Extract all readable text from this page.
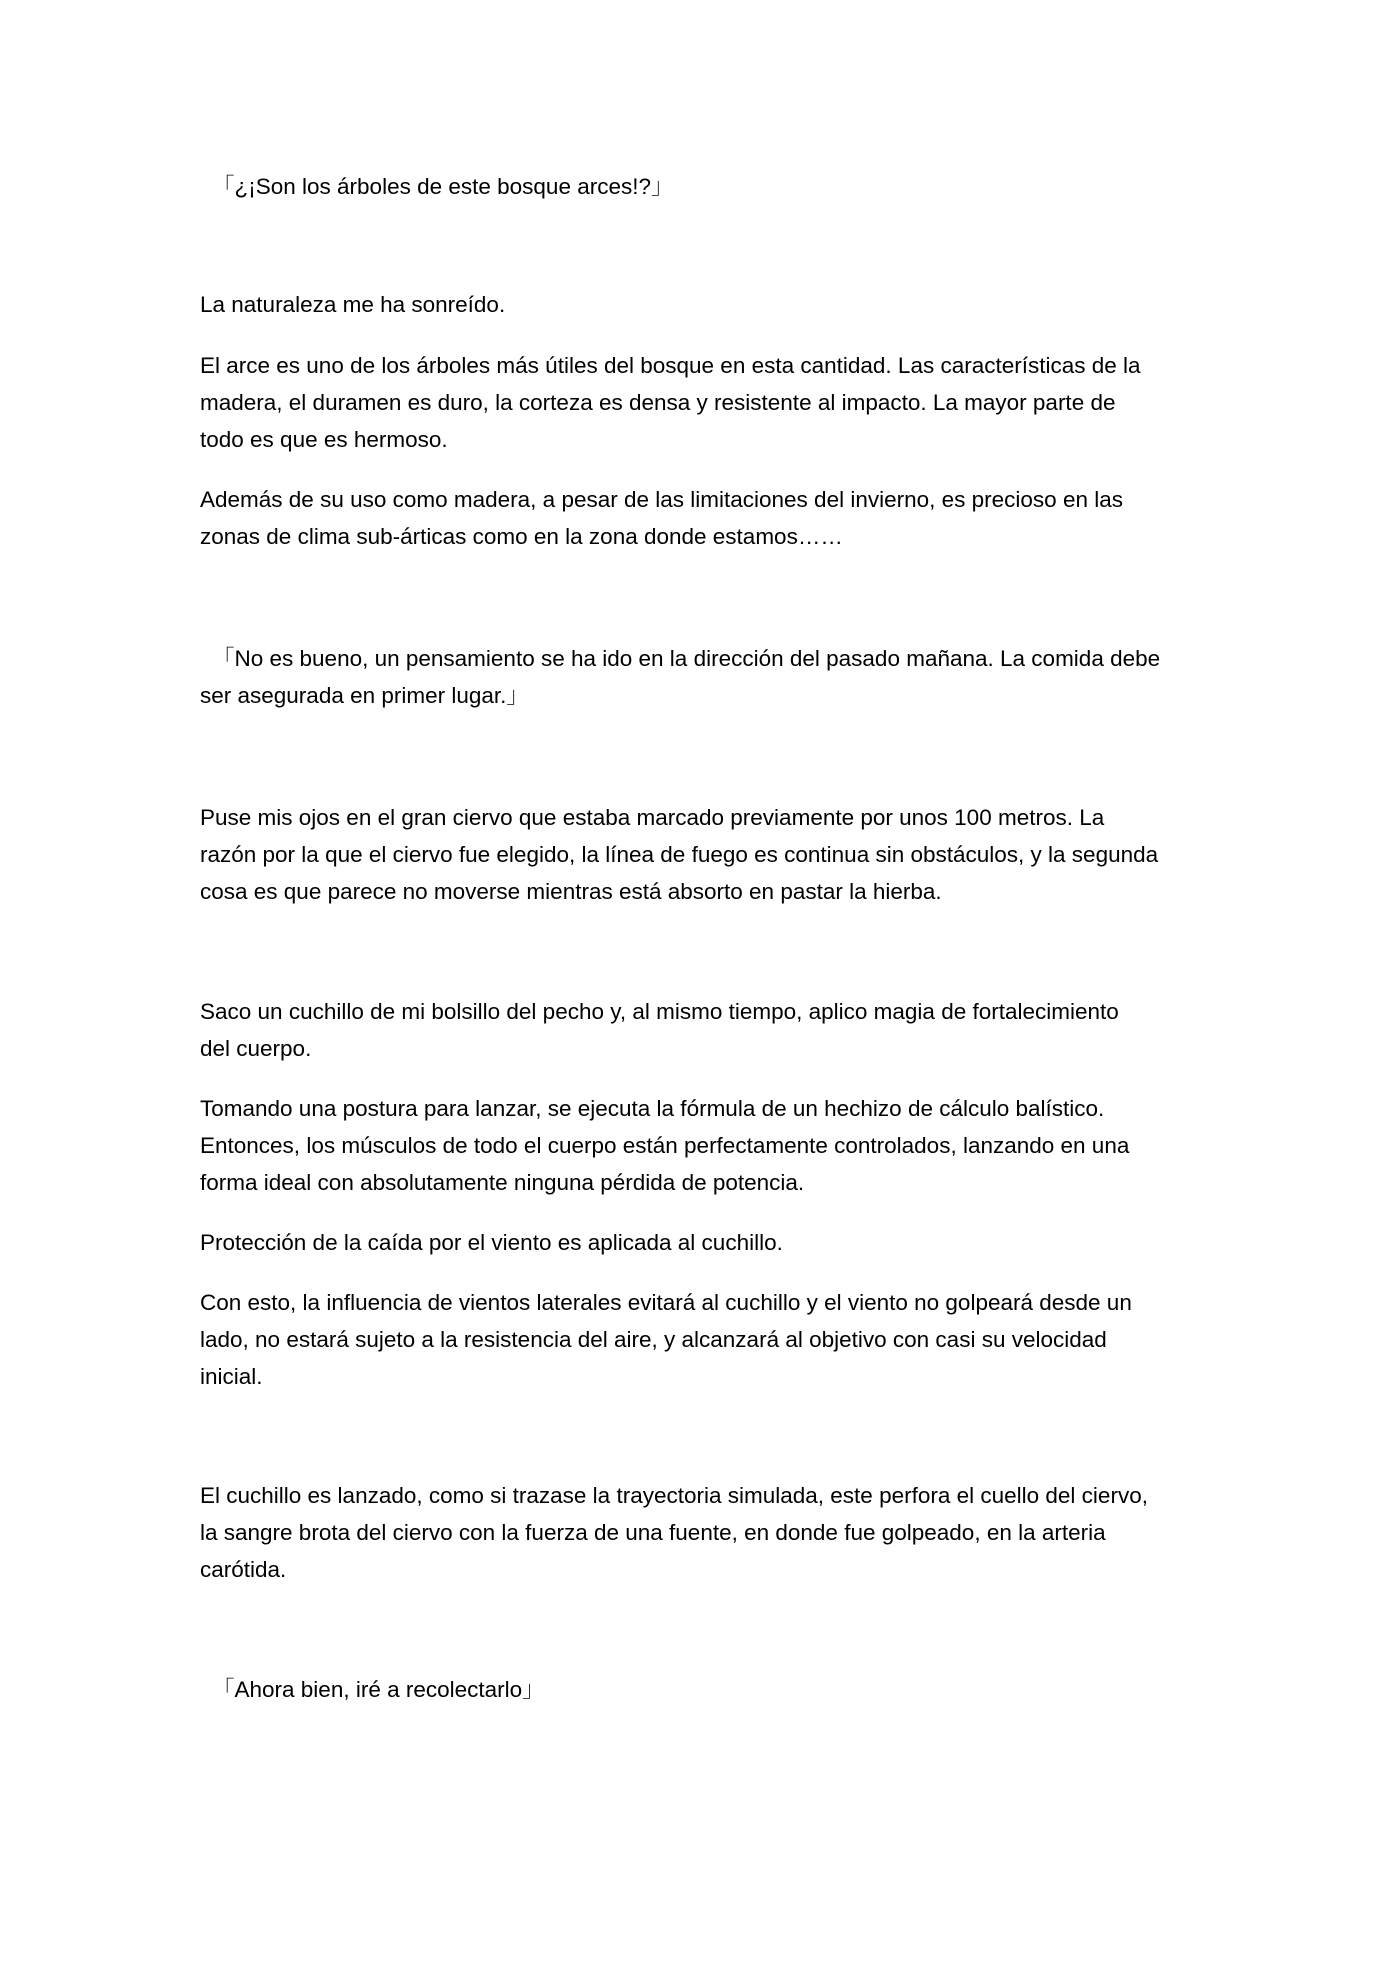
「¿¡Son los árboles de este bosque arces!?」

La naturaleza me ha sonreído.

El arce es uno de los árboles más útiles del bosque en esta cantidad. Las características de la
madera, el duramen es duro, la corteza es densa y resistente al impacto. La mayor parte de
todo es que es hermoso.

Además de su uso como madera, a pesar de las limitaciones del invierno, es precioso en las
zonas de clima sub-árticas como en la zona donde estamos……

「No es bueno, un pensamiento se ha ido en la dirección del pasado mañana. La comida debe
ser asegurada en primer lugar.」

Puse mis ojos en el gran ciervo que estaba marcado previamente por unos 100 metros. La
razón por la que el ciervo fue elegido, la línea de fuego es continua sin obstáculos, y la segunda
cosa es que parece no moverse mientras está absorto en pastar la hierba.

Saco un cuchillo de mi bolsillo del pecho y, al mismo tiempo, aplico magia de fortalecimiento
del cuerpo.

Tomando una postura para lanzar, se ejecuta la fórmula de un hechizo de cálculo balístico.
Entonces, los músculos de todo el cuerpo están perfectamente controlados, lanzando en una
forma ideal con absolutamente ninguna pérdida de potencia.

Protección de la caída por el viento es aplicada al cuchillo.

Con esto, la influencia de vientos laterales evitará al cuchillo y el viento no golpeará desde un
lado, no estará sujeto a la resistencia del aire, y alcanzará al objetivo con casi su velocidad
inicial.

El cuchillo es lanzado, como si trazase la trayectoria simulada, este perfora el cuello del ciervo,
la sangre brota del ciervo con la fuerza de una fuente, en donde fue golpeado, en la arteria
carótida.

「Ahora bien, iré a recolectarlo」
